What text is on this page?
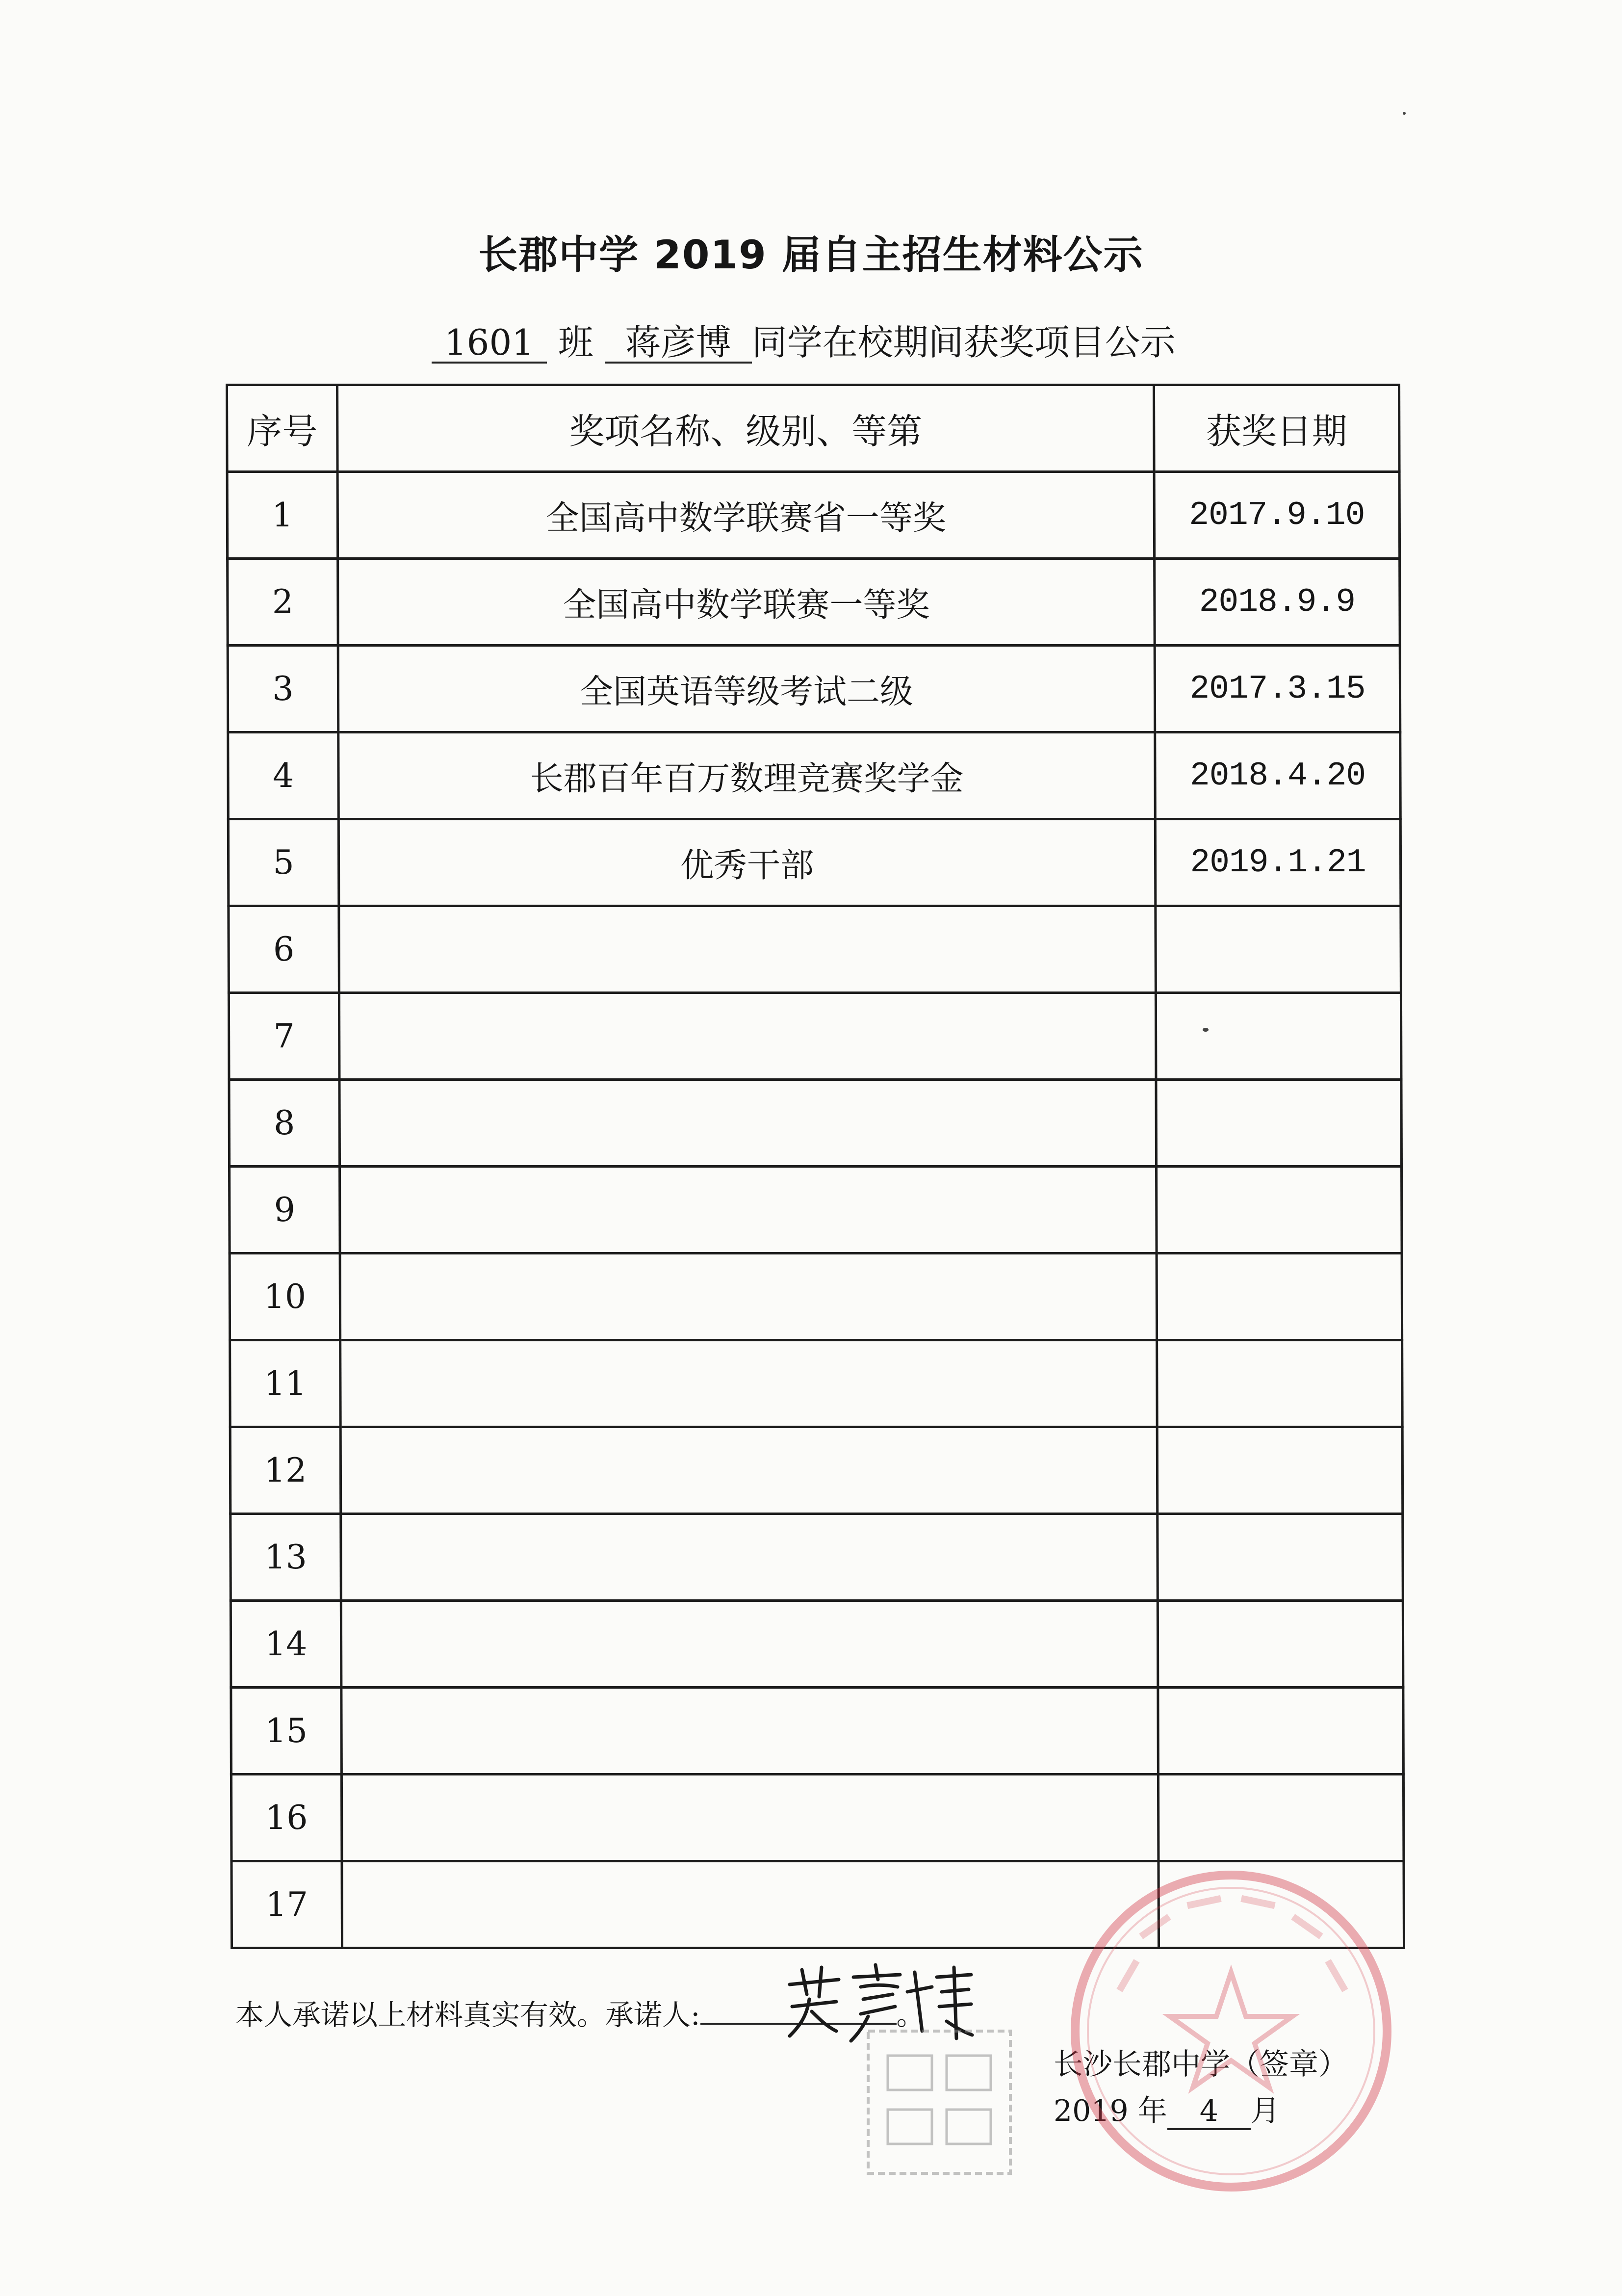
长郡中学 2019 届自主招生材料公示
1601 班 蒋彦博 同学在校期间获奖项目公示
序号	奖项名称、级别、等第	获奖日期
1	全国高中数学联赛省一等奖	2017.9.10
2	全国高中数学联赛一等奖	2018.9.9
3	全国英语等级考试二级	2017.3.15
4	长郡百年百万数理竞赛奖学金	2018.4.20
5	优秀干部	2019.1.21
6		
7		
8		
9		
10		
11		
12		
13		
14		
15		
16		
17		
本人承诺以上材料真实有效。承诺人:	。
长沙长郡中学（签章）
2019 年 4 月
